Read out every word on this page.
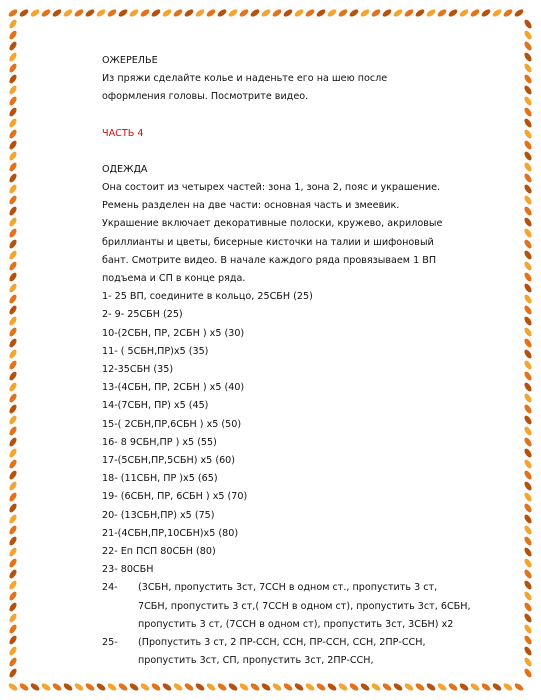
ОЖЕРЕЛЬЕ
Из пряжи сделайте колье и наденьте его на шею после
оформления головы. Посмотрите видео.
ЧАСТЬ 4
ОДЕЖДА
Она состоит из четырех частей: зона 1, зона 2, пояс и украшение.
Ремень разделен на две части: основная часть и змеевик.
Украшение включает декоративные полоски, кружево, акриловые
бриллианты и цветы, бисерные кисточки на талии и шифоновый
бант. Смотрите видео. В начале каждого ряда провязываем 1 ВП
подъема и СП в конце ряда.
1- 25 ВП, соедините в кольцо, 25СБН (25)
2- 9- 25СБН (25)
10-(2СБН, ПР, 2СБН ) х5 (30)
11- ( 5СБН,ПР)х5 (35)
12-35СБН (35)
13-(4СБН, ПР, 2СБН ) х5 (40)
14-(7СБН, ПР) х5 (45)
15-( 2СБН,ПР,6СБН ) х5 (50)
16- 8 9СБН,ПР ) х5 (55)
17-(5СБН,ПР,5СБН) х5 (60)
18- (11СБН, ПР )х5 (65)
19- (6СБН, ПР, 6СБН ) х5 (70)
20- (13СБН,ПР) х5 (75)
21-(4СБН,ПР,10СБН)х5 (80)
22- Еп ПСП 80СБН (80)
23- 80СБН
24-	(3СБН, пропустить 3ст, 7ССН в одном ст., пропустить 3 ст,
7СБН, пропустить 3 ст,( 7ССН в одном ст), пропустить 3ст, 6СБН,
пропустить 3 ст, (7ССН в одном ст), пропустить 3ст, 3СБН) х2
25-	(Пропустить 3 ст, 2 ПР-ССН, ССН, ПР-ССН, ССН, 2ПР-ССН,
пропустить 3ст, СП, пропустить 3ст, 2ПР-ССН,
